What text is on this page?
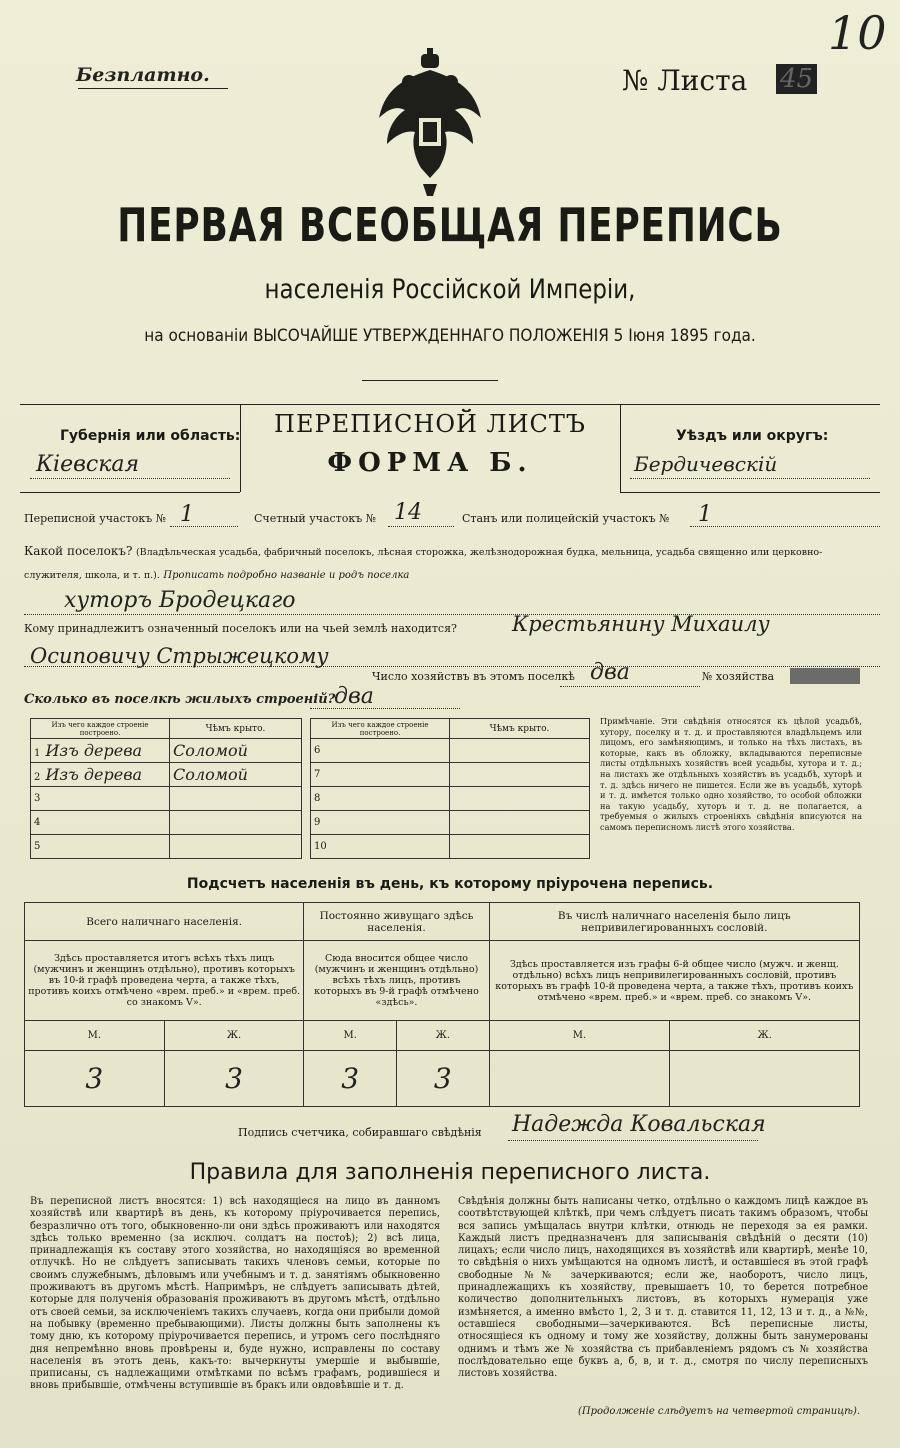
Безплатно.	№ Листа 45
10
ПЕРВАЯ ВСЕОБЩАЯ ПЕРЕПИСЬ
населенія Россійской Имперіи,
на основаніи ВЫСОЧАЙШЕ УТВЕРЖДЕННАГО ПОЛОЖЕНІЯ 5 Іюня 1895 года.
Губернія или область:
Кіевская
ПЕРЕПИСНОЙ ЛИСТЪ
ФОРМА Б.
Уѣздъ или округъ:
Бердичевскій
Переписной участокъ № 1	Счетный участокъ № 14	Станъ или полицейскій участокъ № 1
Какой поселокъ? (Владѣльческая усадьба, фабричный поселокъ, лѣсная сторожка, желѣзнодорожная будка, мельница, усадьба священно или церковно-служителя, школа, и т. п.). Прописать подробно названіе и родъ поселка
хуторъ Бродецкаго
Кому принадлежитъ означенный поселокъ или на чьей землѣ находится?	Крестьянину Михаилу
Осиповичу Стрыжецкому
Число хозяйствъ въ этомъ поселкѣ два	№ хозяйства
Сколько въ поселкѣ жилыхъ строеній?
два
Изъ чего каждое строеніе построено.	Чѣмъ крыто.
1 Изъ дерева	Соломой
2 Изъ дерева	Соломой
3	
4	
5	
Изъ чего каждое строеніе построено.	Чѣмъ крыто.
6	
7	
8	
9	
10	
Примѣчаніе. Эти свѣдѣнія относятся къ цѣлой усадьбѣ, хутору, поселку и т. д. и проставляются владѣльцемъ или лицомъ, его замѣняющимъ, и только на тѣхъ листахъ, въ которые, какъ въ обложку, вкладываются переписные листы отдѣльныхъ хозяйствъ всей усадьбы, хутора и т. д.; на листахъ же отдѣльныхъ хозяйствъ въ усадьбѣ, хуторѣ и т. д. здѣсь ничего не пишется. Если же въ усадьбѣ, хуторѣ и т. д. имѣется только одно хозяйство, то особой обложки на такую усадьбу, хуторъ и т. д. не полагается, а требуемыя о жилыхъ строеніяхъ свѣдѣнія вписуются на самомъ переписномъ листѣ этого хозяйства.
Подсчетъ населенія въ день, къ которому пріурочена перепись.
Всего наличнаго населенія.		Постоянно живущаго здѣсь населенія.		Въ числѣ наличнаго населенія было лицъ непривилегированныхъ сословій.	
Здѣсь проставляется итогъ всѣхъ тѣхъ лицъ (мужчинъ и женщинъ отдѣльно), противъ которыхъ въ 10-й графѣ проведена черта, а также тѣхъ, противъ коихъ отмѣчено «врем. преб.» и «врем. преб. со знакомъ V».		Сюда вносится общее число (мужчинъ и женщинъ отдѣльно) всѣхъ тѣхъ лицъ, противъ которыхъ въ 9-й графѣ отмѣчено «здѣсь».		Здѣсь проставляется изъ графы 6-й общее число (мужч. и женщ. отдѣльно) всѣхъ лицъ непривилегированныхъ сословій, противъ которыхъ въ графѣ 10-й проведена черта, а также тѣхъ, противъ коихъ отмѣчено «врем. преб.» и «врем. преб. со знакомъ V».	
М.	Ж.	М.	Ж.	М.	Ж.
3	3	3	3		
Подпись счетчика, собиравшаго свѣдѣнія Надежда Ковальская
Правила для заполненія переписного листа.
Въ переписной листъ вносятся: 1) всѣ находящіеся на лицо въ данномъ хозяйствѣ или квартирѣ въ день, къ которому пріурочивается перепись, безразлично отъ того, обыкновенно-ли они здѣсь проживаютъ или находятся здѣсь только временно (за исключ. солдатъ на постоѣ); 2) всѣ лица, принадлежащія къ составу этого хозяйства, но находящіяся во временной отлучкѣ. Но не слѣдуетъ записывать такихъ членовъ семьи, которые по своимъ служебнымъ, дѣловымъ или учебнымъ и т. д. занятіямъ обыкновенно проживаютъ въ другомъ мѣстѣ. Напримѣръ, не слѣдуетъ записывать дѣтей, которые для полученія образованія проживаютъ въ другомъ мѣстѣ, отдѣльно отъ своей семьи, за исключеніемъ такихъ случаевъ, когда они прибыли домой на побывку (временно пребывающими). Листы должны быть заполнены къ тому дню, къ которому пріурочивается перепись, и утромъ сего послѣдняго дня непремѣнно вновь провѣрены и, буде нужно, исправлены по составу населенія въ этотъ день, какъ-то: вычеркнуты умершіе и выбывшіе, приписаны, съ надлежащими отмѣтками по всѣмъ графамъ, родившіеся и вновь прибывшіе, отмѣчены вступившіе въ бракъ или овдовѣвшіе и т. д.
Свѣдѣнія должны быть написаны четко, отдѣльно о каждомъ лицѣ каждое въ соотвѣтствующей клѣткѣ, при чемъ слѣдуетъ писать такимъ образомъ, чтобы вся запись умѣщалась внутри клѣтки, отнюдь не переходя за ея рамки. Каждый листъ предназначенъ для записыванія свѣдѣній о десяти (10) лицахъ; если число лицъ, находящихся въ хозяйствѣ или квартирѣ, менѣе 10, то свѣдѣнія о нихъ умѣщаются на одномъ листѣ, и оставшіеся въ этой графѣ свободные №№ зачеркиваются; если же, наоборотъ, число лицъ, принадлежащихъ къ хозяйству, превышаетъ 10, то берется потребное количество дополнительныхъ листовъ, въ которыхъ нумерація уже измѣняется, а именно вмѣсто 1, 2, 3 и т. д. ставится 11, 12, 13 и т. д., а №№, оставшіеся свободными—зачеркиваются. Всѣ переписные листы, относящіеся къ одному и тому же хозяйству, должны быть занумерованы однимъ и тѣмъ же № хозяйства съ прибавленіемъ рядомъ съ № хозяйства послѣдовательно еще буквъ а, б, в, и т. д., смотря по числу переписныхъ листовъ хозяйства.
(Продолженіе слѣдуетъ на четвертой страницѣ).
